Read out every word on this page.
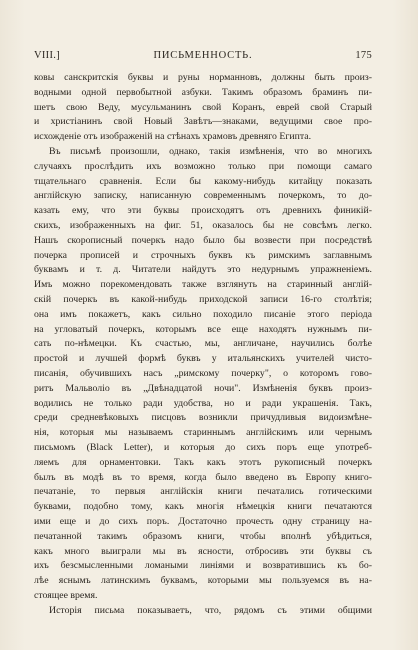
VIII.]	ПИСЬМЕННОСТЬ.	175
ковы санскритскія буквы и руны норманновъ, должны быть произ-
водными одной первобытной азбуки. Такимъ образомъ браминъ пи-
шетъ свою Веду, мусульманинъ свой Коранъ, еврей свой Старый
и христіанинъ свой Новый Завѣтъ—знаками, ведущими свое про-
исхожденіе отъ изображеній на стѣнахъ храмовъ древняго Египта.
Въ письмѣ произошли, однако, такія измѣненія, что во многихъ
случаяхъ прослѣдить ихъ возможно только при помощи самаго
тщательнаго сравненія. Если бы какому-нибудь китайцу показать
англійскую записку, написанную современнымъ почеркомъ, то до-
казать ему, что эти буквы происходятъ отъ древнихъ финикій-
скихъ, изображенныхъ на фиг. 51, оказалось бы не совсѣмъ легко.
Нашъ скорописный почеркъ надо было бы возвести при посредствѣ
почерка прописей и строчныхъ буквъ къ римскимъ заглавнымъ
буквамъ и т. д. Читатели найдутъ это недурнымъ упражненіемъ.
Имъ можно порекомендовать также взглянуть на старинный англій-
скій почеркъ въ какой-нибудь приходской записи 16-го столѣтія;
она имъ покажетъ, какъ сильно походило писаніе этого періода
на угловатый почеркъ, которымъ все еще находятъ нужнымъ пи-
сать по-нѣмецки. Къ счастью, мы, англичане, научились болѣе
простой и лучшей формѣ буквъ у итальянскихъ учителей чисто-
писанія, обучившихъ насъ „римскому почерку", о которомъ гово-
ритъ Мальволіо въ „Двѣнадцатой ночи". Измѣненія буквъ произ-
водились не только ради удобства, но и ради украшенія. Такъ,
среди средневѣковыхъ писцовъ возникли причудливыя видоизмѣне-
нія, которыя мы называемъ стариннымъ англійскимъ или чернымъ
письмомъ (Black Letter), и которыя до сихъ поръ еще употреб-
ляемъ для орнаментовки. Такъ какъ этотъ рукописный почеркъ
былъ въ модѣ въ то время, когда было введено въ Европу книго-
печатаніе, то первыя англійскія книги печатались готическими
буквами, подобно тому, какъ многія нѣмецкія книги печатаются
ими еще и до сихъ поръ. Достаточно прочесть одну страницу на-
печатанной такимъ образомъ книги, чтобы вполнѣ убѣдиться,
какъ много выиграли мы въ ясности, отбросивъ эти буквы съ
ихъ безсмысленными ломаными линіями и возвратившись къ бо-
лѣе яснымъ латинскимъ буквамъ, которыми мы пользуемся въ на-
стоящее время.
Исторія письма показываетъ, что, рядомъ съ этими общими
